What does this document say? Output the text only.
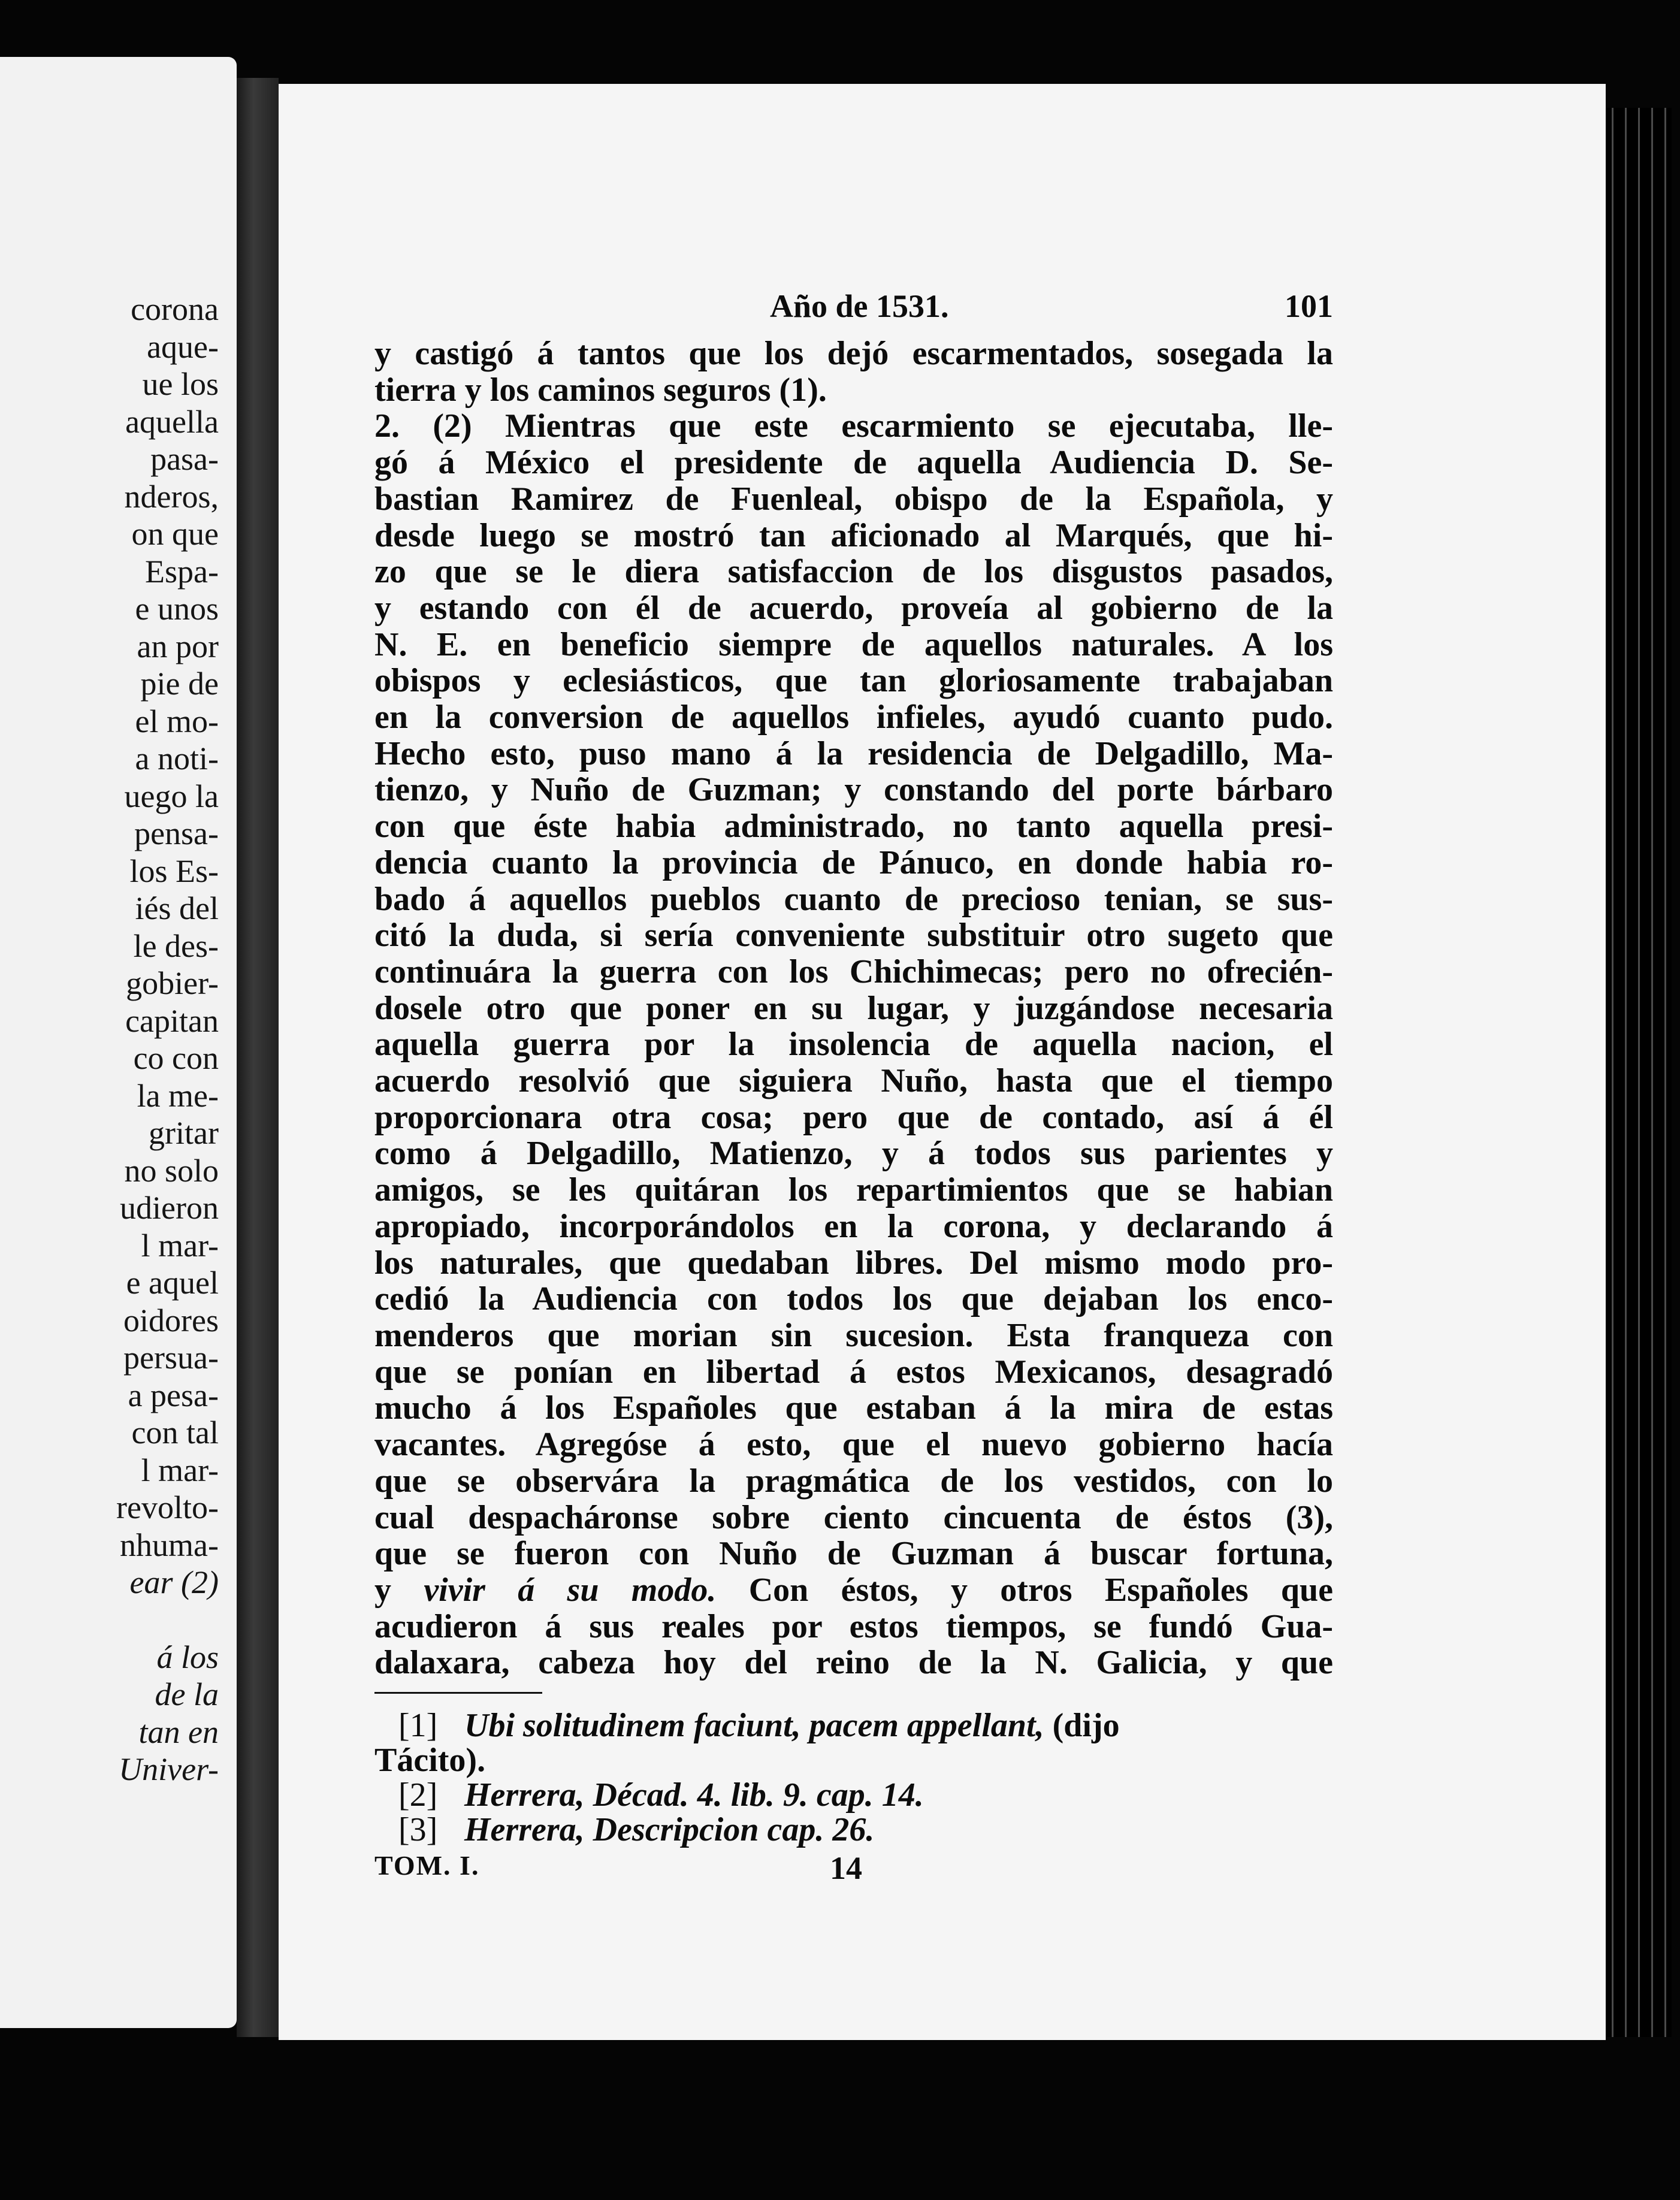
corona
aque-
ue los
aquella
pasa-
nderos,
on que
Espa-
e unos
an por
pie de
el mo-
a noti-
uego la
pensa-
los Es-
iés del
le des-
gobier-
capitan
co con
la me-
gritar
no solo
udieron
l mar-
e aquel
oidores
persua-
a pesa-
con tal
l mar-
revolto-
nhuma-
ear (2)
á los
de la
tan en
Univer-
Año de 1531.	101
y castigó á tantos que los dejó escarmentados, sosegada la
tierra y los caminos seguros (1).
2. (2) Mientras que este escarmiento se ejecutaba, lle-
gó á México el presidente de aquella Audiencia D. Se-
bastian Ramirez de Fuenleal, obispo de la Española, y
desde luego se mostró tan aficionado al Marqués, que hi-
zo que se le diera satisfaccion de los disgustos pasados,
y estando con él de acuerdo, proveía al gobierno de la
N. E. en beneficio siempre de aquellos naturales. A los
obispos y eclesiásticos, que tan gloriosamente trabajaban
en la conversion de aquellos infieles, ayudó cuanto pudo.
Hecho esto, puso mano á la residencia de Delgadillo, Ma-
tienzo, y Nuño de Guzman; y constando del porte bárbaro
con que éste habia administrado, no tanto aquella presi-
dencia cuanto la provincia de Pánuco, en donde habia ro-
bado á aquellos pueblos cuanto de precioso tenian, se sus-
citó la duda, si sería conveniente substituir otro sugeto que
continuára la guerra con los Chichimecas; pero no ofrecién-
dosele otro que poner en su lugar, y juzgándose necesaria
aquella guerra por la insolencia de aquella nacion, el
acuerdo resolvió que siguiera Nuño, hasta que el tiempo
proporcionara otra cosa; pero que de contado, así á él
como á Delgadillo, Matienzo, y á todos sus parientes y
amigos, se les quitáran los repartimientos que se habian
apropiado, incorporándolos en la corona, y declarando á
los naturales, que quedaban libres. Del mismo modo pro-
cedió la Audiencia con todos los que dejaban los enco-
menderos que morian sin sucesion. Esta franqueza con
que se ponían en libertad á estos Mexicanos, desagradó
mucho á los Españoles que estaban á la mira de estas
vacantes. Agregóse á esto, que el nuevo gobierno hacía
que se observára la pragmática de los vestidos, con lo
cual despacháronse sobre ciento cincuenta de éstos (3),
que se fueron con Nuño de Guzman á buscar fortuna,
y vivir á su modo. Con éstos, y otros Españoles que
acudieron á sus reales por estos tiempos, se fundó Gua-
dalaxara, cabeza hoy del reino de la N. Galicia, y que
[1] Ubi solitudinem faciunt, pacem appellant, (dijo
Tácito).
[2] Herrera, Décad. 4. lib. 9. cap. 14.
[3] Herrera, Descripcion cap. 26.
TOM. I.	14
